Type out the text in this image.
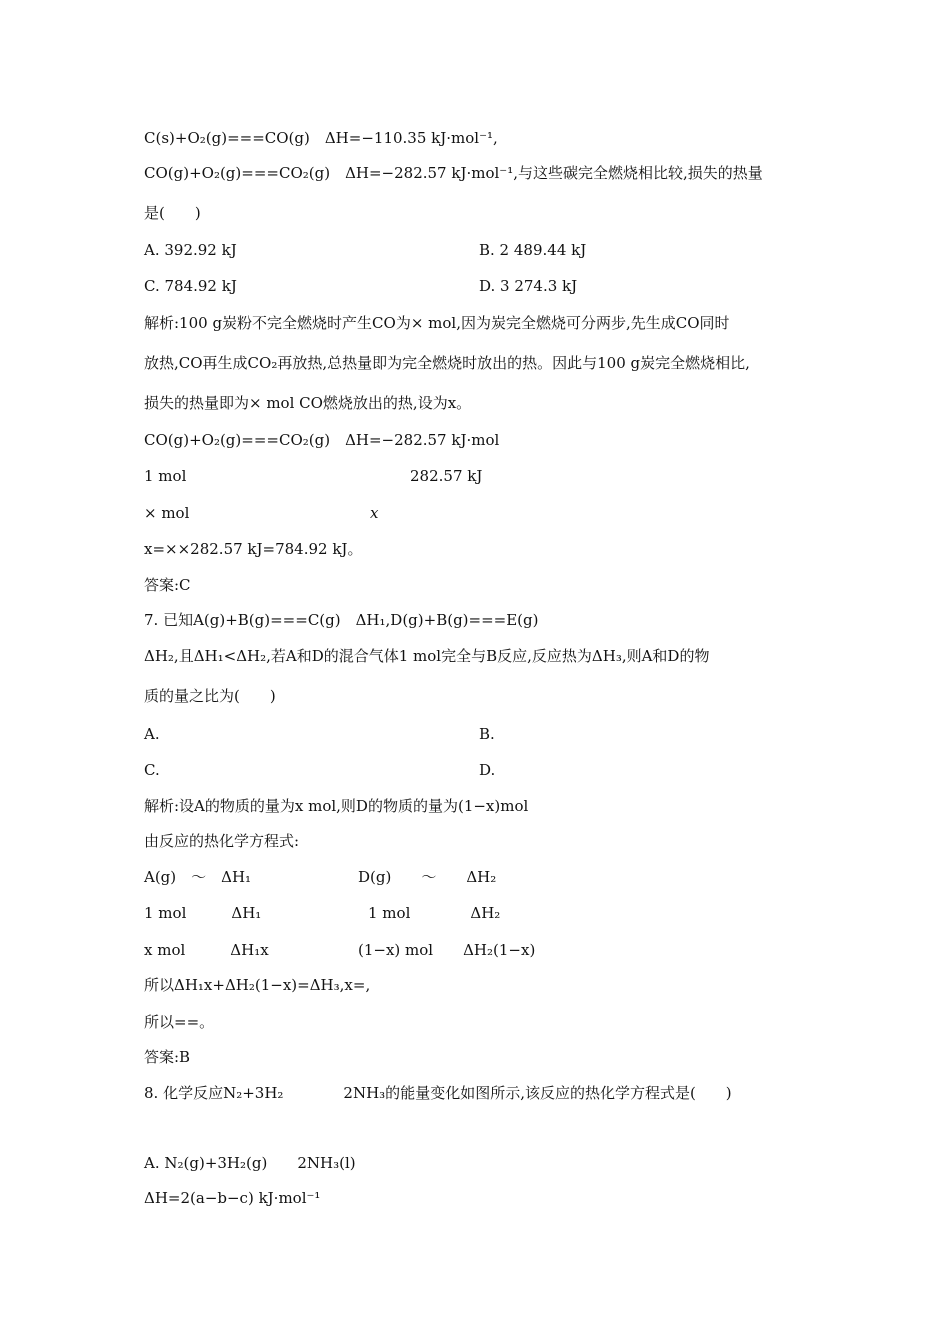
C(s)+O₂(g)===CO(g)　ΔH=−110.35 kJ·mol⁻¹,
CO(g)+O₂(g)===CO₂(g)　ΔH=−282.57 kJ·mol⁻¹,与这些碳完全燃烧相比较,损失的热量
是(　　)
A. 392.92 kJ	B. 2 489.44 kJ
C. 784.92 kJ	D. 3 274.3 kJ
解析:100 g炭粉不完全燃烧时产生CO为× mol,因为炭完全燃烧可分两步,先生成CO同时
放热,CO再生成CO₂再放热,总热量即为完全燃烧时放出的热。因此与100 g炭完全燃烧相比,
损失的热量即为× mol CO燃烧放出的热,设为x。
CO(g)+O₂(g)===CO₂(g)　ΔH=−282.57 kJ·mol
1 mol	282.57 kJ
× mol	x
x=××282.57 kJ=784.92 kJ。
答案:C
7. 已知A(g)+B(g)===C(g)　ΔH₁,D(g)+B(g)===E(g)
ΔH₂,且ΔH₁<ΔH₂,若A和D的混合气体1 mol完全与B反应,反应热为ΔH₃,则A和D的物
质的量之比为(　　)
A.	B.
C.	D.
解析:设A的物质的量为x mol,则D的物质的量为(1−x)mol
由反应的热化学方程式:
A(g)　～　ΔH₁	D(g)　　～　　ΔH₂
1 mol　　　ΔH₁	1 mol　　　　ΔH₂
x mol　　　ΔH₁x	(1−x) mol　　ΔH₂(1−x)
所以ΔH₁x+ΔH₂(1−x)=ΔH₃,x=,
所以==。
答案:B
8. 化学反应N₂+3H₂　　　　2NH₃的能量变化如图所示,该反应的热化学方程式是(　　)
A. N₂(g)+3H₂(g)　　2NH₃(l)
ΔH=2(a−b−c) kJ·mol⁻¹
